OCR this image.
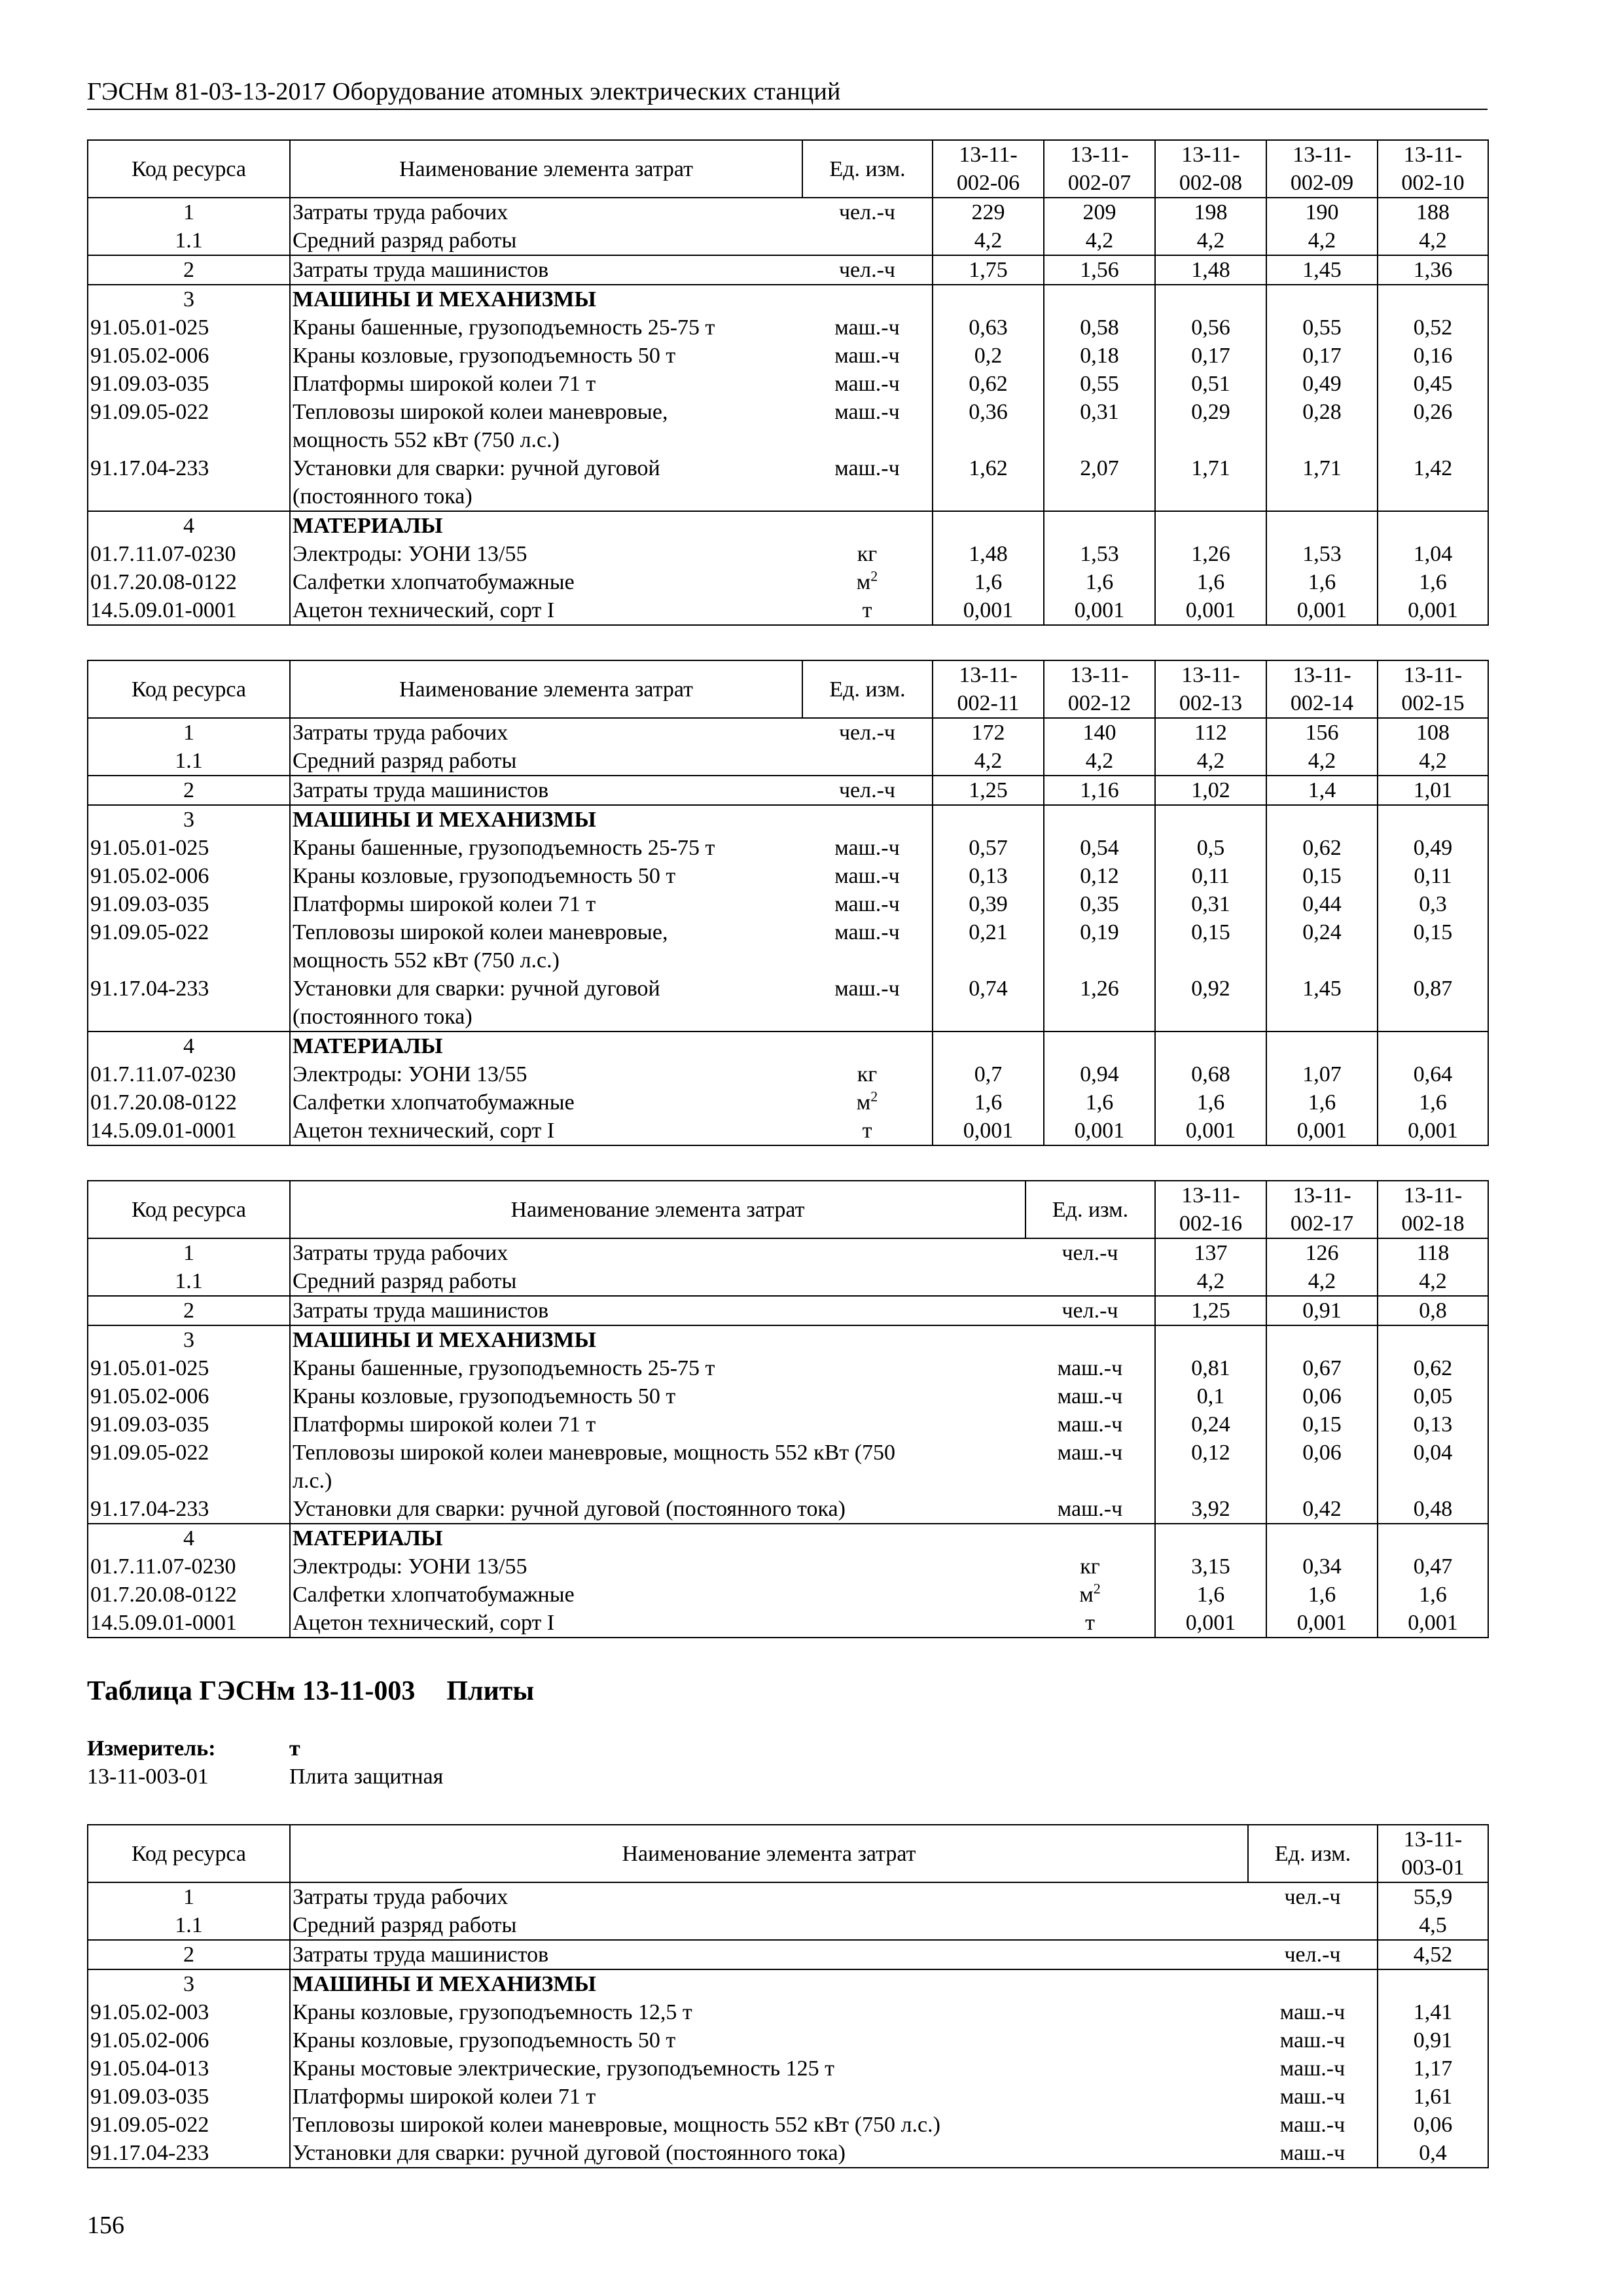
ГЭСНм 81-03-13-2017 Оборудование атомных электрических станций
Код ресурса	Наименование элемента затрат	Ед. изм.	13-11-
002-06	13-11-
002-07	13-11-
002-08	13-11-
002-09	13-11-
002-10
1	Затраты труда рабочих	чел.-ч	229	209	198	190	188
1.1	Средний разряд работы		4,2	4,2	4,2	4,2	4,2
2	Затраты труда машинистов	чел.-ч	1,75	1,56	1,48	1,45	1,36
3	МАШИНЫ И МЕХАНИЗМЫ						
91.05.01-025	Краны башенные, грузоподъемность 25-75 т	маш.-ч	0,63	0,58	0,56	0,55	0,52
91.05.02-006	Краны козловые, грузоподъемность 50 т	маш.-ч	0,2	0,18	0,17	0,17	0,16
91.09.03-035	Платформы широкой колеи 71 т	маш.-ч	0,62	0,55	0,51	0,49	0,45
91.09.05-022	Тепловозы широкой колеи маневровые,
мощность 552 кВт (750 л.с.)	маш.-ч	0,36	0,31	0,29	0,28	0,26
91.17.04-233	Установки для сварки: ручной дуговой
(постоянного тока)	маш.-ч	1,62	2,07	1,71	1,71	1,42
4	МАТЕРИАЛЫ						
01.7.11.07-0230	Электроды: УОНИ 13/55	кг	1,48	1,53	1,26	1,53	1,04
01.7.20.08-0122	Салфетки хлопчатобумажные	$м^2$	1,6	1,6	1,6	1,6	1,6
14.5.09.01-0001	Ацетон технический, сорт I	т	0,001	0,001	0,001	0,001	0,001
Код ресурса	Наименование элемента затрат	Ед. изм.	13-11-
002-11	13-11-
002-12	13-11-
002-13	13-11-
002-14	13-11-
002-15
1	Затраты труда рабочих	чел.-ч	172	140	112	156	108
1.1	Средний разряд работы		4,2	4,2	4,2	4,2	4,2
2	Затраты труда машинистов	чел.-ч	1,25	1,16	1,02	1,4	1,01
3	МАШИНЫ И МЕХАНИЗМЫ						
91.05.01-025	Краны башенные, грузоподъемность 25-75 т	маш.-ч	0,57	0,54	0,5	0,62	0,49
91.05.02-006	Краны козловые, грузоподъемность 50 т	маш.-ч	0,13	0,12	0,11	0,15	0,11
91.09.03-035	Платформы широкой колеи 71 т	маш.-ч	0,39	0,35	0,31	0,44	0,3
91.09.05-022	Тепловозы широкой колеи маневровые,
мощность 552 кВт (750 л.с.)	маш.-ч	0,21	0,19	0,15	0,24	0,15
91.17.04-233	Установки для сварки: ручной дуговой
(постоянного тока)	маш.-ч	0,74	1,26	0,92	1,45	0,87
4	МАТЕРИАЛЫ						
01.7.11.07-0230	Электроды: УОНИ 13/55	кг	0,7	0,94	0,68	1,07	0,64
01.7.20.08-0122	Салфетки хлопчатобумажные	$м^2$	1,6	1,6	1,6	1,6	1,6
14.5.09.01-0001	Ацетон технический, сорт I	т	0,001	0,001	0,001	0,001	0,001
Код ресурса	Наименование элемента затрат	Ед. изм.	13-11-
002-16	13-11-
002-17	13-11-
002-18
1	Затраты труда рабочих	чел.-ч	137	126	118
1.1	Средний разряд работы		4,2	4,2	4,2
2	Затраты труда машинистов	чел.-ч	1,25	0,91	0,8
3	МАШИНЫ И МЕХАНИЗМЫ				
91.05.01-025	Краны башенные, грузоподъемность 25-75 т	маш.-ч	0,81	0,67	0,62
91.05.02-006	Краны козловые, грузоподъемность 50 т	маш.-ч	0,1	0,06	0,05
91.09.03-035	Платформы широкой колеи 71 т	маш.-ч	0,24	0,15	0,13
91.09.05-022	Тепловозы широкой колеи маневровые, мощность 552 кВт (750
л.с.)	маш.-ч	0,12	0,06	0,04
91.17.04-233	Установки для сварки: ручной дуговой (постоянного тока)	маш.-ч	3,92	0,42	0,48
4	МАТЕРИАЛЫ				
01.7.11.07-0230	Электроды: УОНИ 13/55	кг	3,15	0,34	0,47
01.7.20.08-0122	Салфетки хлопчатобумажные	$м^2$	1,6	1,6	1,6
14.5.09.01-0001	Ацетон технический, сорт I	т	0,001	0,001	0,001
Таблица ГЭСНм 13-11-003 Плиты
Измеритель:	т
13-11-003-01	Плита защитная
Код ресурса	Наименование элемента затрат	Ед. изм.	13-11-
003-01
1	Затраты труда рабочих	чел.-ч	55,9
1.1	Средний разряд работы		4,5
2	Затраты труда машинистов	чел.-ч	4,52
3	МАШИНЫ И МЕХАНИЗМЫ		
91.05.02-003	Краны козловые, грузоподъемность 12,5 т	маш.-ч	1,41
91.05.02-006	Краны козловые, грузоподъемность 50 т	маш.-ч	0,91
91.05.04-013	Краны мостовые электрические, грузоподъемность 125 т	маш.-ч	1,17
91.09.03-035	Платформы широкой колеи 71 т	маш.-ч	1,61
91.09.05-022	Тепловозы широкой колеи маневровые, мощность 552 кВт (750 л.с.)	маш.-ч	0,06
91.17.04-233	Установки для сварки: ручной дуговой (постоянного тока)	маш.-ч	0,4
156
